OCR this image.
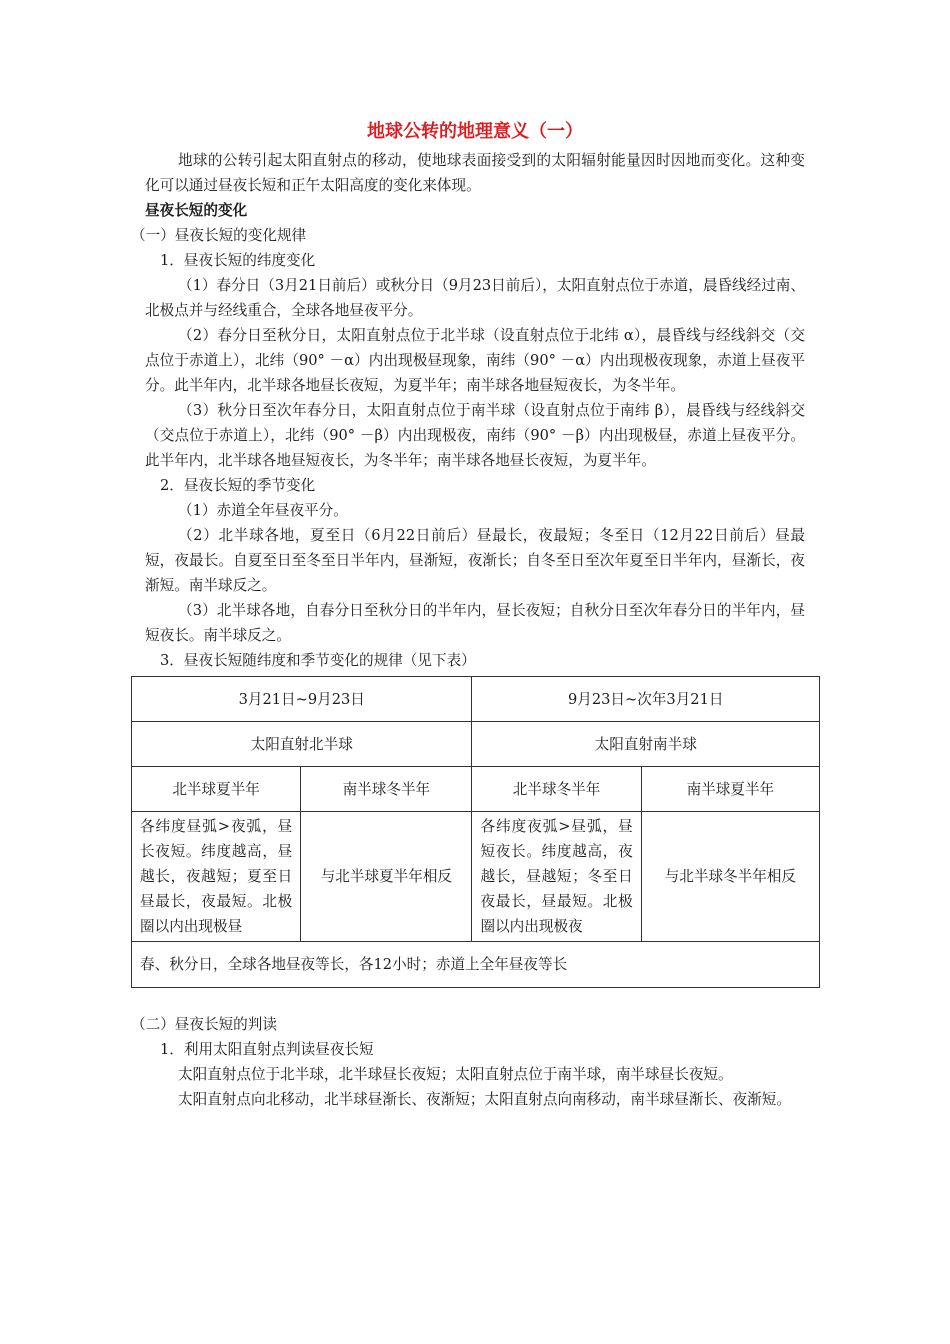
地球公转的地理意义（一）

地球的公转引起太阳直射点的移动，使地球表面接受到的太阳辐射能量因时因地而变化。这种变化可以通过昼夜长短和正午太阳高度的变化来体现。

昼夜长短的变化

（一）昼夜长短的变化规律

1．昼夜长短的纬度变化

（1）春分日（3月21日前后）或秋分日（9月23日前后），太阳直射点位于赤道，晨昏线经过南、北极点并与经线重合，全球各地昼夜平分。

（2）春分日至秋分日，太阳直射点位于北半球（设直射点位于北纬 α），晨昏线与经线斜交（交点位于赤道上），北纬（90° －α）内出现极昼现象，南纬（90° －α）内出现极夜现象，赤道上昼夜平分。此半年内，北半球各地昼长夜短，为夏半年；南半球各地昼短夜长，为冬半年。

（3）秋分日至次年春分日，太阳直射点位于南半球（设直射点位于南纬 β），晨昏线与经线斜交（交点位于赤道上），北纬（90° －β）内出现极夜，南纬（90° －β）内出现极昼，赤道上昼夜平分。此半年内，北半球各地昼短夜长，为冬半年；南半球各地昼长夜短，为夏半年。

2．昼夜长短的季节变化

（1）赤道全年昼夜平分。

（2）北半球各地，夏至日（6月22日前后）昼最长，夜最短；冬至日（12月22日前后）昼最短，夜最长。自夏至日至冬至日半年内，昼渐短，夜渐长；自冬至日至次年夏至日半年内，昼渐长，夜渐短。南半球反之。

（3）北半球各地，自春分日至秋分日的半年内，昼长夜短；自秋分日至次年春分日的半年内，昼短夜长。南半球反之。

3．昼夜长短随纬度和季节变化的规律（见下表）

3月21日~9月23日		9月23日~次年3月21日	
太阳直射北半球		太阳直射南半球	
北半球夏半年	南半球冬半年	北半球冬半年	南半球夏半年
各纬度昼弧>夜弧，昼长夜短。纬度越高，昼越长，夜越短；夏至日昼最长，夜最短。北极圈以内出现极昼	与北半球夏半年相反	各纬度夜弧>昼弧，昼短夜长。纬度越高，夜越长，昼越短；冬至日夜最长，昼最短。北极圈以内出现极夜	与北半球冬半年相反
春、秋分日，全球各地昼夜等长，各12小时；赤道上全年昼夜等长			

（二）昼夜长短的判读

1．利用太阳直射点判读昼夜长短

太阳直射点位于北半球，北半球昼长夜短；太阳直射点位于南半球，南半球昼长夜短。

太阳直射点向北移动，北半球昼渐长、夜渐短；太阳直射点向南移动，南半球昼渐长、夜渐短。
